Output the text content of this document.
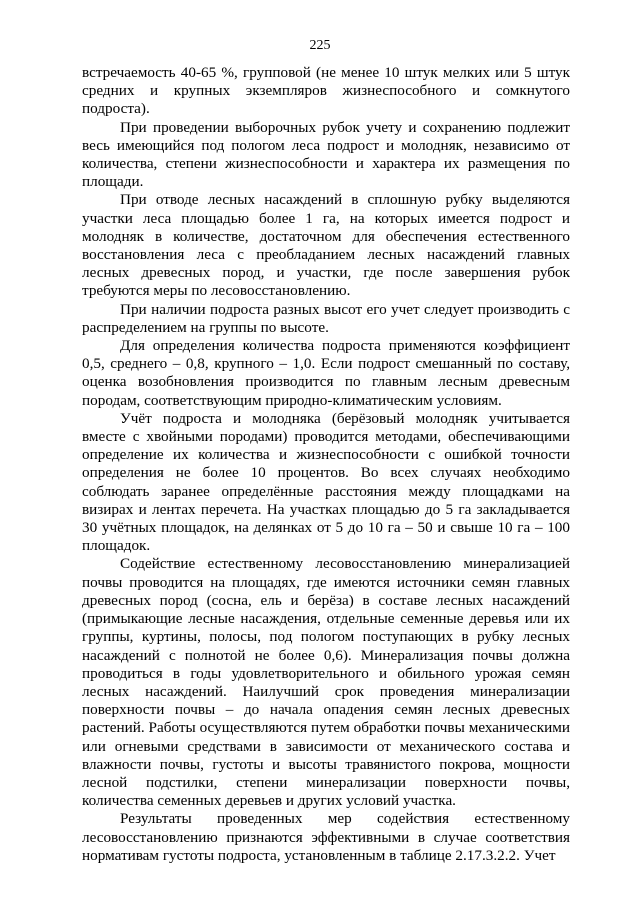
225

встречаемость 40-65 %, групповой (не менее 10 штук мелких или 5 штук средних и крупных экземпляров жизнеспособного и сомкнутого подроста).

При проведении выборочных рубок учету и сохранению подлежит весь имеющийся под пологом леса подрост и молодняк, независимо от количества, степени жизнеспособности и характера их размещения по площади.

При отводе лесных насаждений в сплошную рубку выделяются участки леса площадью более 1 га, на которых имеется подрост и молодняк в количестве, достаточном для обеспечения естественного восстановления леса с преобладанием лесных насаждений главных лесных древесных пород, и участки, где после завершения рубок требуются меры по лесовосстановлению.

При наличии подроста разных высот его учет следует производить с распределением на группы по высоте.

Для определения количества подроста применяются коэффициент 0,5, среднего – 0,8, крупного – 1,0. Если подрост смешанный по составу, оценка возобновления производится по главным лесным древесным породам, соответствующим природно-климатическим условиям.

Учёт подроста и молодняка (берёзовый молодняк учитывается вместе с хвойными породами) проводится методами, обеспечивающими определение их количества и жизнеспособности с ошибкой точности определения не более 10 процентов. Во всех случаях необходимо соблюдать заранее определённые расстояния между площадками на визирах и лентах перечета. На участках площадью до 5 га закладывается 30 учётных площадок, на делянках от 5 до 10 га – 50 и свыше 10 га – 100 площадок.

Содействие естественному лесовосстановлению минерализацией почвы проводится на площадях, где имеются источники семян главных древесных пород (сосна, ель и берёза) в составе лесных насаждений (примыкающие лесные насаждения, отдельные семенные деревья или их группы, куртины, полосы, под пологом поступающих в рубку лесных насаждений с полнотой не более 0,6). Минерализация почвы должна проводиться в годы удовлетворительного и обильного урожая семян лесных насаждений. Наилучший срок проведения минерализации поверхности почвы – до начала опадения семян лесных древесных растений. Работы осуществляются путем обработки почвы механическими или огневыми средствами в зависимости от механического состава и влажности почвы, густоты и высоты травянистого покрова, мощности лесной подстилки, степени минерализации поверхности почвы, количества семенных деревьев и других условий участка.

Результаты проведенных мер содействия естественному лесовосстановлению признаются эффективными в случае соответствия нормативам густоты подроста, установленным в таблице 2.17.3.2.2. Учет
